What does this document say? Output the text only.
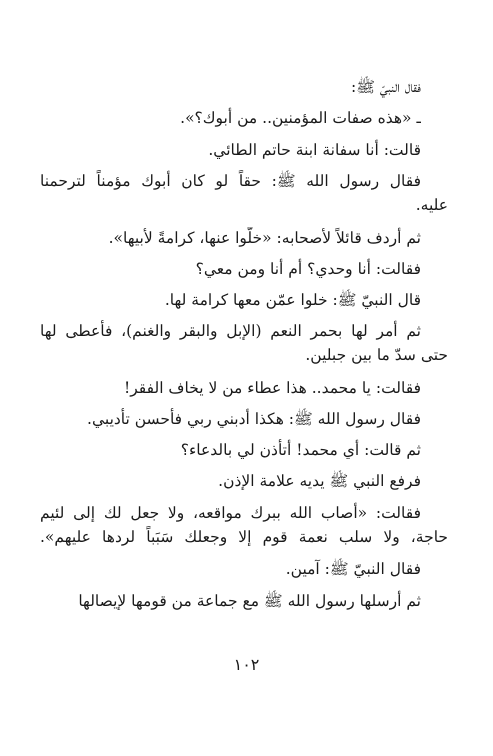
فقال النبيّ ﷺ:
ـ «هذه صفات المؤمنين.. من أبوك؟».
قالت: أنا سفانة ابنة حاتم الطائي.
فقال رسول الله ﷺ: حقاً لو كان أبوك مؤمناً لترحمنا
عليه.
ثم أردف قائلاً لأصحابه: «خلّوا عنها، كرامةً لأبيها».
فقالت: أنا وحدي؟ أم أنا ومن معي؟
قال النبيّ ﷺ: خلوا عمّن معها كرامة لها.
ثم أمر لها بحمر النعم (الإبل والبقر والغنم)، فأعطى لها
حتى سدّ ما بين جبلين.
فقالت: يا محمد.. هذا عطاء من لا يخاف الفقر!
فقال رسول الله ﷺ: هكذا أدبني ربي فأحسن تأديبي.
ثم قالت: أي محمد! أتأذن لي بالدعاء؟
فرفع النبي ﷺ يديه علامة الإذن.
فقالت: «أصاب الله ببرك مواقعه، ولا جعل لك إلى لئيم
حاجة، ولا سلب نعمة قوم إلا وجعلك سَبَباً لردها عليهم».
فقال النبيّ ﷺ: آمين.
ثم أرسلها رسول الله ﷺ مع جماعة من قومها لإيصالها
١٠٢
